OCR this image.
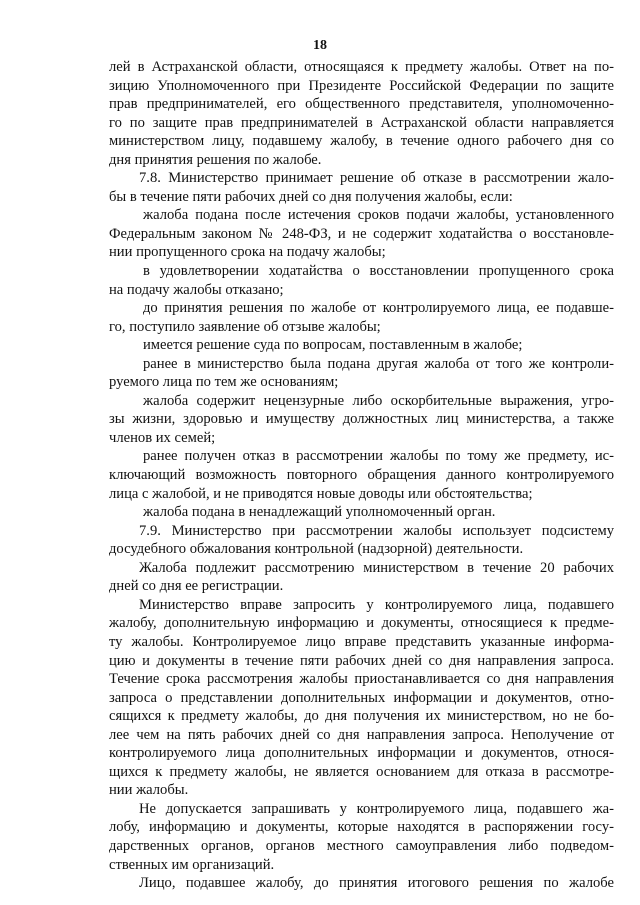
18
лей в Астраханской области, относящаяся к предмету жалобы. Ответ на по-
зицию Уполномоченного при Президенте Российской Федерации по защите
прав предпринимателей, его общественного представителя, уполномоченно-
го по защите прав предпринимателей в Астраханской области направляется
министерством лицу, подавшему жалобу, в течение одного рабочего дня со
дня принятия решения по жалобе.
7.8. Министерство принимает решение об отказе в рассмотрении жало-
бы в течение пяти рабочих дней со дня получения жалобы, если:
жалоба подана после истечения сроков подачи жалобы, установленного
Федеральным законом № 248-ФЗ, и не содержит ходатайства о восстановле-
нии пропущенного срока на подачу жалобы;
в удовлетворении ходатайства о восстановлении пропущенного срока
на подачу жалобы отказано;
до принятия решения по жалобе от контролируемого лица, ее подавше-
го, поступило заявление об отзыве жалобы;
имеется решение суда по вопросам, поставленным в жалобе;
ранее в министерство была подана другая жалоба от того же контроли-
руемого лица по тем же основаниям;
жалоба содержит нецензурные либо оскорбительные выражения, угро-
зы жизни, здоровью и имуществу должностных лиц министерства, а также
членов их семей;
ранее получен отказ в рассмотрении жалобы по тому же предмету, ис-
ключающий возможность повторного обращения данного контролируемого
лица с жалобой, и не приводятся новые доводы или обстоятельства;
жалоба подана в ненадлежащий уполномоченный орган.
7.9. Министерство при рассмотрении жалобы использует подсистему
досудебного обжалования контрольной (надзорной) деятельности.
Жалоба подлежит рассмотрению министерством в течение 20 рабочих
дней со дня ее регистрации.
Министерство вправе запросить у контролируемого лица, подавшего
жалобу, дополнительную информацию и документы, относящиеся к предме-
ту жалобы. Контролируемое лицо вправе представить указанные информа-
цию и документы в течение пяти рабочих дней со дня направления запроса.
Течение срока рассмотрения жалобы приостанавливается со дня направления
запроса о представлении дополнительных информации и документов, отно-
сящихся к предмету жалобы, до дня получения их министерством, но не бо-
лее чем на пять рабочих дней со дня направления запроса. Неполучение от
контролируемого лица дополнительных информации и документов, относя-
щихся к предмету жалобы, не является основанием для отказа в рассмотре-
нии жалобы.
Не допускается запрашивать у контролируемого лица, подавшего жа-
лобу, информацию и документы, которые находятся в распоряжении госу-
дарственных органов, органов местного самоуправления либо подведом-
ственных им организаций.
Лицо, подавшее жалобу, до принятия итогового решения по жалобе
